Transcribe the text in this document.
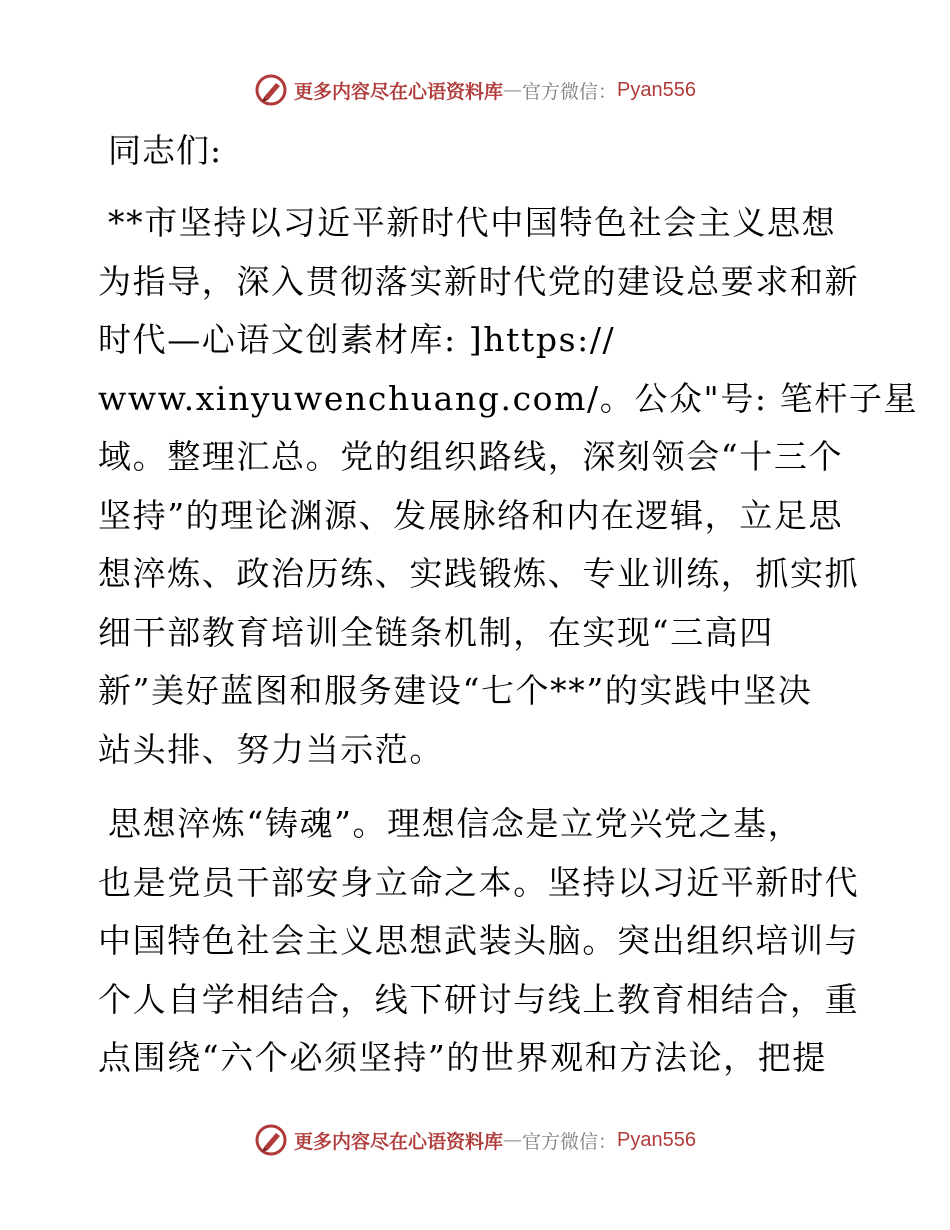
更多内容尽在心语资料库 — 官方微信： Pyan556
同志们:
**市坚持以习近平新时代中国特色社会主义思想
为指导，深入贯彻落实新时代党的建设总要求和新
时代—心语文创素材库: ]https://
www.xinyuwenchuang.com/。公众"号: 笔杆子星
域。整理汇总。党的组织路线，深刻领会“十三个
坚持”的理论渊源、发展脉络和内在逻辑，立足思
想淬炼、政治历练、实践锻炼、专业训练，抓实抓
细干部教育培训全链条机制，在实现“三高四
新”美好蓝图和服务建设“七个**”的实践中坚决
站头排、努力当示范。
思想淬炼“铸魂”。理想信念是立党兴党之基，
也是党员干部安身立命之本。坚持以习近平新时代
中国特色社会主义思想武装头脑。突出组织培训与
个人自学相结合，线下研讨与线上教育相结合，重
点围绕“六个必须坚持”的世界观和方法论，把提
更多内容尽在心语资料库 — 官方微信： Pyan556
